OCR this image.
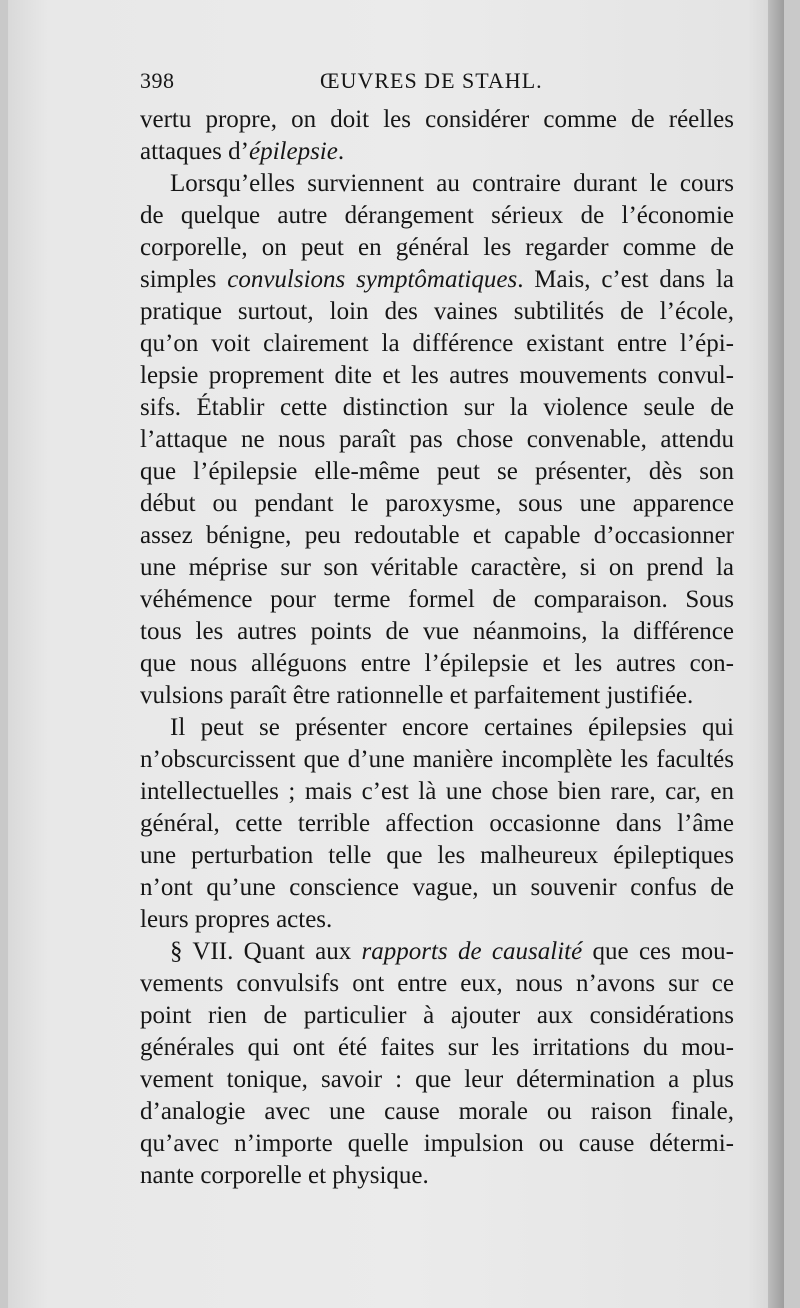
398	ŒUVRES DE STAHL.
vertu propre, on doit les considérer comme de réelles
attaques d’épilepsie.
Lorsqu’elles surviennent au contraire durant le cours
de quelque autre dérangement sérieux de l’économie
corporelle, on peut en général les regarder comme de
simples convulsions symptômatiques. Mais, c’est dans la
pratique surtout, loin des vaines subtilités de l’école,
qu’on voit clairement la différence existant entre l’épi-
lepsie proprement dite et les autres mouvements convul-
sifs. Établir cette distinction sur la violence seule de
l’attaque ne nous paraît pas chose convenable, attendu
que l’épilepsie elle-même peut se présenter, dès son
début ou pendant le paroxysme, sous une apparence
assez bénigne, peu redoutable et capable d’occasionner
une méprise sur son véritable caractère, si on prend la
véhémence pour terme formel de comparaison. Sous
tous les autres points de vue néanmoins, la différence
que nous alléguons entre l’épilepsie et les autres con-
vulsions paraît être rationnelle et parfaitement justifiée.
Il peut se présenter encore certaines épilepsies qui
n’obscurcissent que d’une manière incomplète les facultés
intellectuelles ; mais c’est là une chose bien rare, car, en
général, cette terrible affection occasionne dans l’âme
une perturbation telle que les malheureux épileptiques
n’ont qu’une conscience vague, un souvenir confus de
leurs propres actes.
§ VII. Quant aux rapports de causalité que ces mou-
vements convulsifs ont entre eux, nous n’avons sur ce
point rien de particulier à ajouter aux considérations
générales qui ont été faites sur les irritations du mou-
vement tonique, savoir : que leur détermination a plus
d’analogie avec une cause morale ou raison finale,
qu’avec n’importe quelle impulsion ou cause détermi-
nante corporelle et physique.
